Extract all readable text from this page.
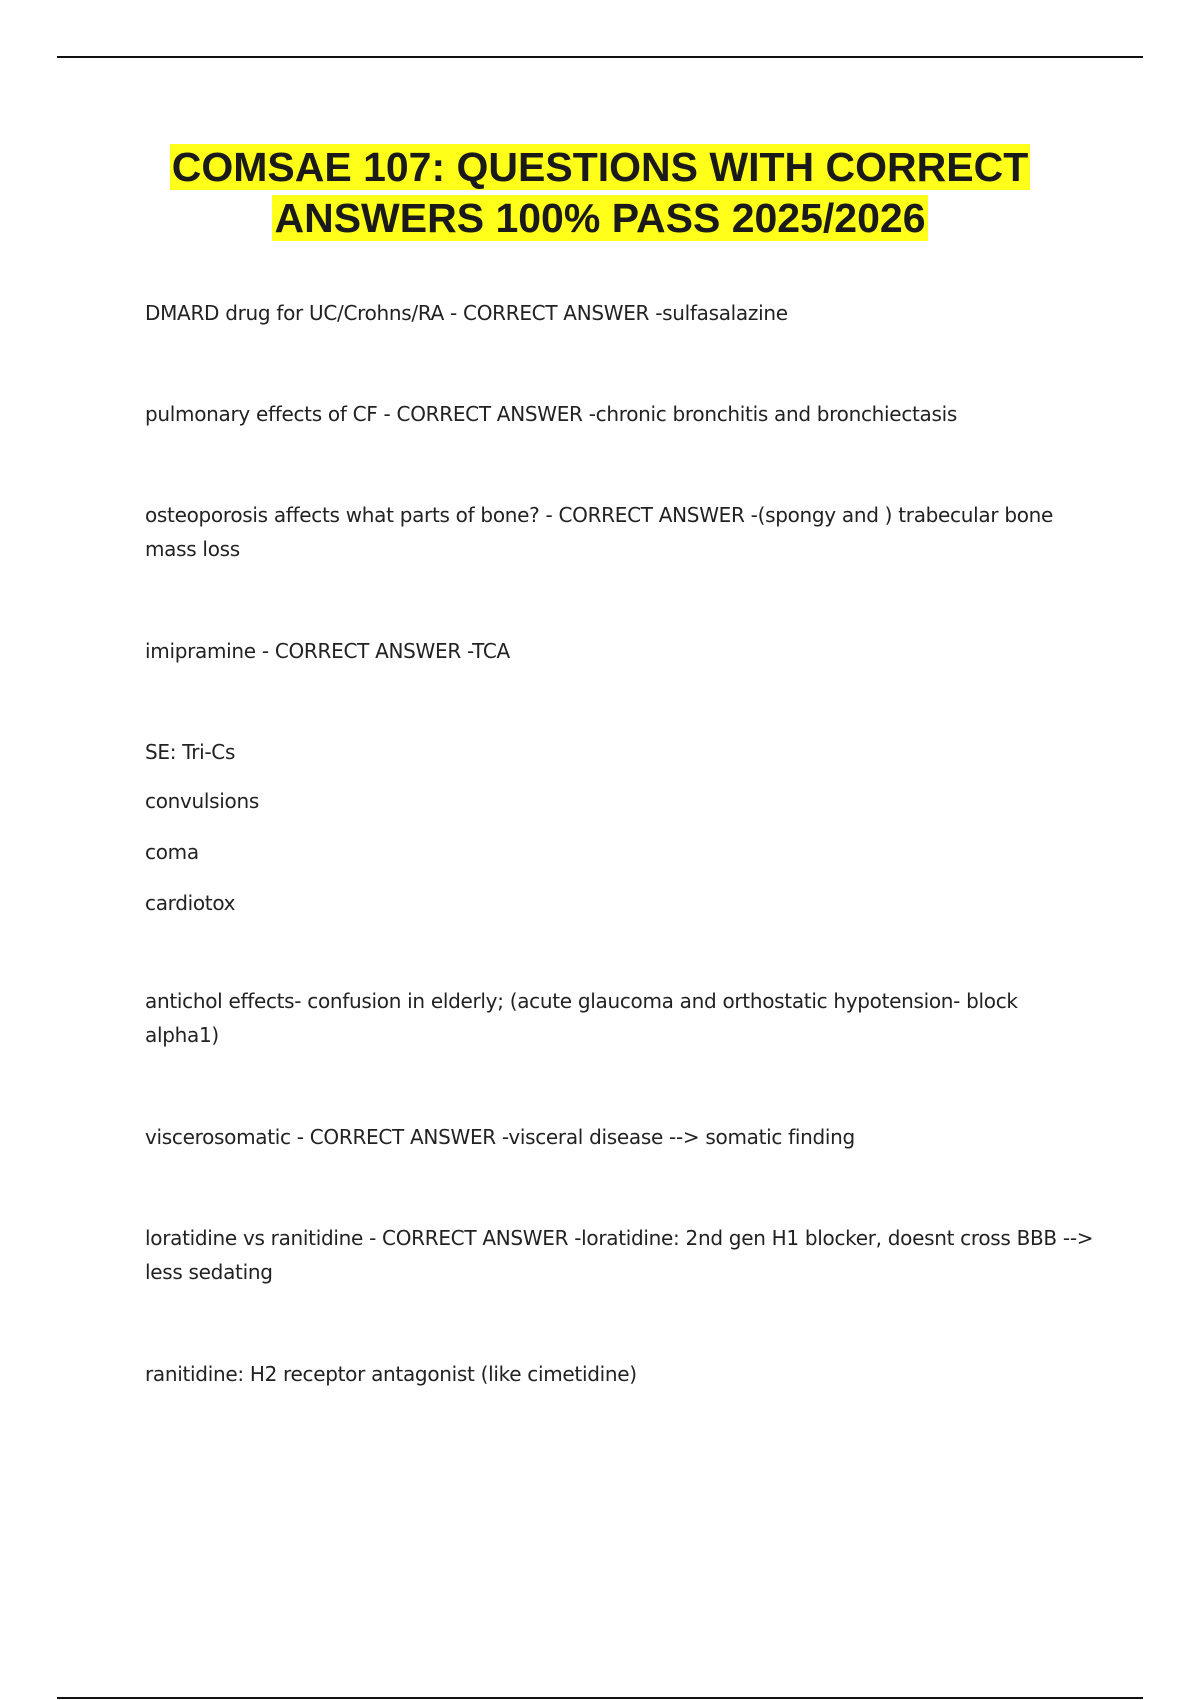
COMSAE 107: QUESTIONS WITH CORRECT
ANSWERS 100% PASS 2025/2026

DMARD drug for UC/Crohns/RA - CORRECT ANSWER -sulfasalazine

pulmonary effects of CF - CORRECT ANSWER -chronic bronchitis and bronchiectasis

osteoporosis affects what parts of bone? - CORRECT ANSWER -(spongy and ) trabecular bone mass loss

imipramine - CORRECT ANSWER -TCA

SE: Tri-Cs

convulsions

coma

cardiotox

antichol effects- confusion in elderly; (acute glaucoma and orthostatic hypotension- block alpha1)

viscerosomatic - CORRECT ANSWER -visceral disease --> somatic finding

loratidine vs ranitidine - CORRECT ANSWER -loratidine: 2nd gen H1 blocker, doesnt cross BBB --> less sedating

ranitidine: H2 receptor antagonist (like cimetidine)
